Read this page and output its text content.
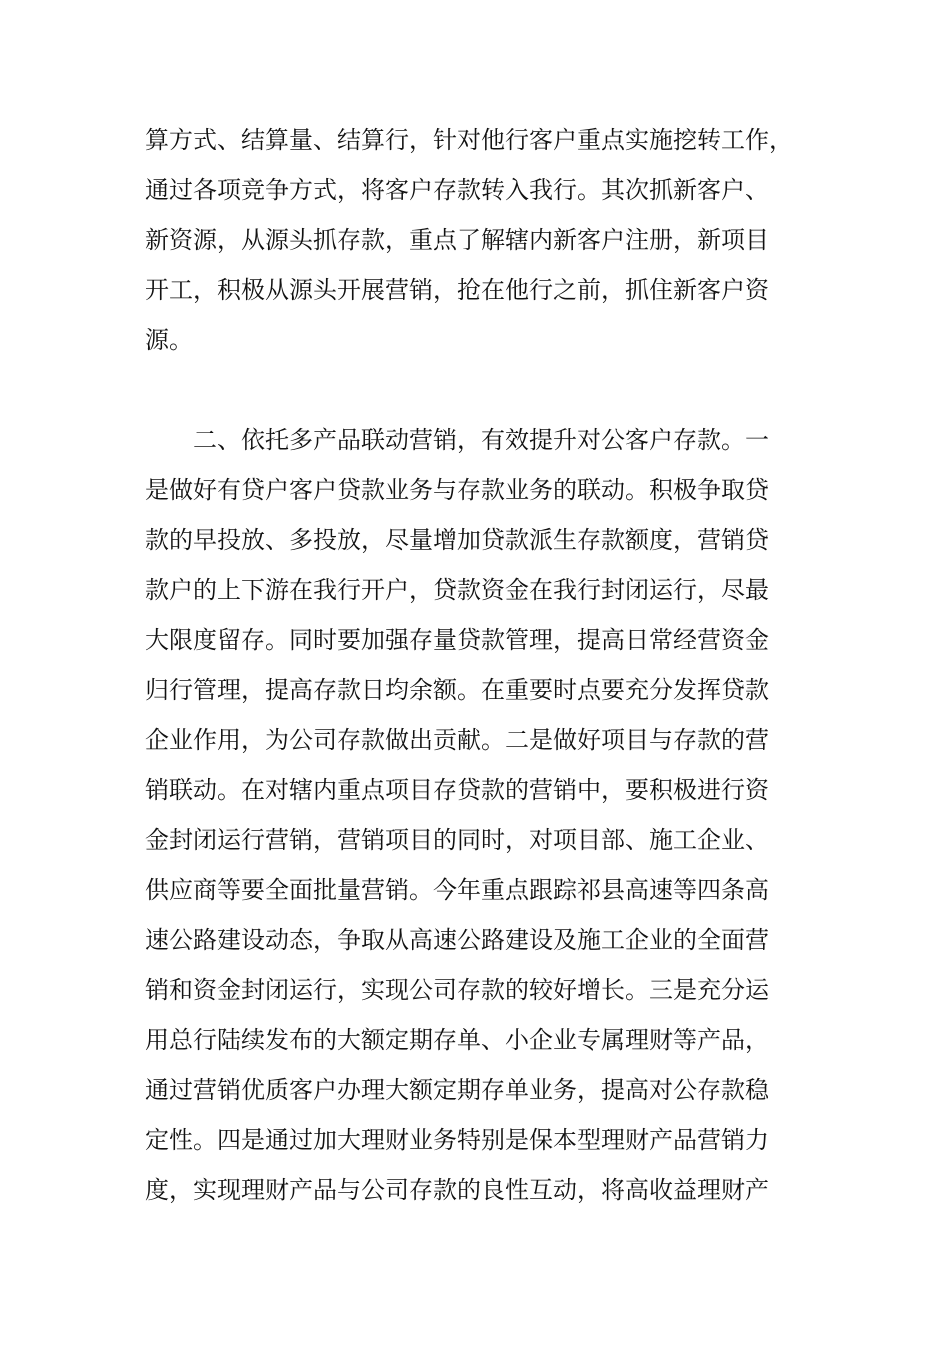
算方式、结算量、结算行，针对他行客户重点实施挖转工作，

通过各项竞争方式，将客户存款转入我行。其次抓新客户、

新资源，从源头抓存款，重点了解辖内新客户注册，新项目

开工，积极从源头开展营销，抢在他行之前，抓住新客户资

源。

　　二、依托多产品联动营销，有效提升对公客户存款。一

是做好有贷户客户贷款业务与存款业务的联动。积极争取贷

款的早投放、多投放，尽量增加贷款派生存款额度，营销贷

款户的上下游在我行开户，贷款资金在我行封闭运行，尽最

大限度留存。同时要加强存量贷款管理，提高日常经营资金

归行管理，提高存款日均余额。在重要时点要充分发挥贷款

企业作用，为公司存款做出贡献。二是做好项目与存款的营

销联动。在对辖内重点项目存贷款的营销中，要积极进行资

金封闭运行营销，营销项目的同时，对项目部、施工企业、

供应商等要全面批量营销。今年重点跟踪祁县高速等四条高

速公路建设动态，争取从高速公路建设及施工企业的全面营

销和资金封闭运行，实现公司存款的较好增长。三是充分运

用总行陆续发布的大额定期存单、小企业专属理财等产品，

通过营销优质客户办理大额定期存单业务，提高对公存款稳

定性。四是通过加大理财业务特别是保本型理财产品营销力

度，实现理财产品与公司存款的良性互动，将高收益理财产
